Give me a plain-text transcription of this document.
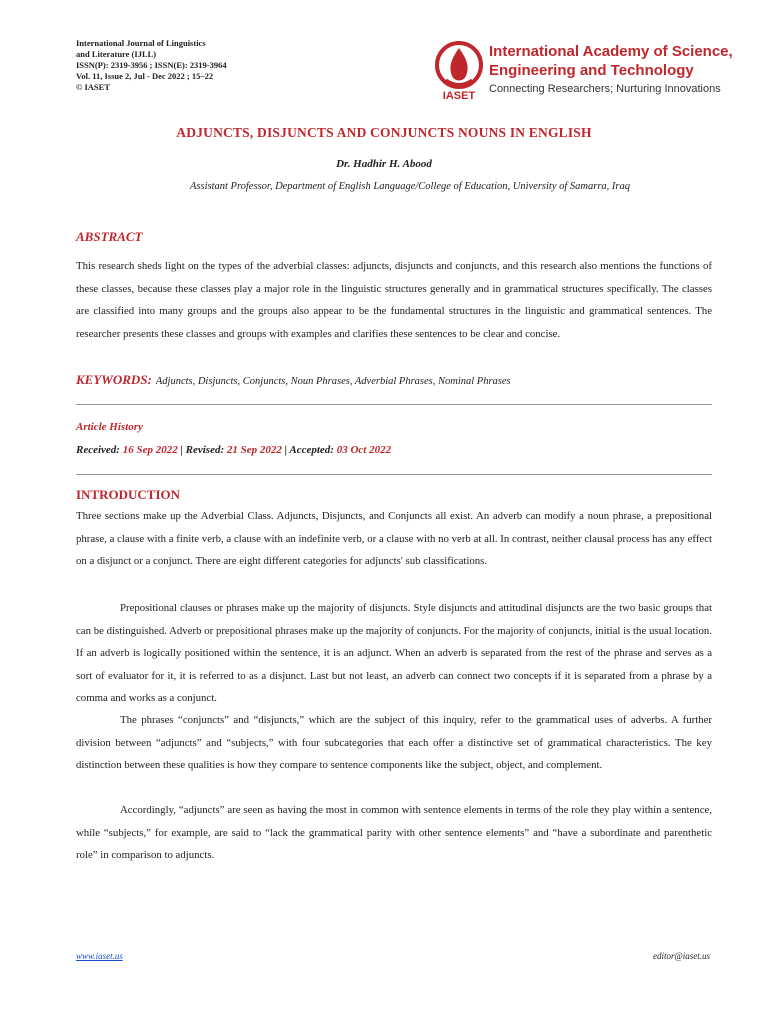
International Journal of Linguistics
and Literature (IJLL)
ISSN(P): 2319-3956 ; ISSN(E): 2319-3964
Vol. 11, Issue 2, Jul - Dec 2022 ; 15–22
© IASET
IASET
International Academy of Science,
Engineering and Technology
Connecting Researchers; Nurturing Innovations
ADJUNCTS, DISJUNCTS AND CONJUNCTS NOUNS IN ENGLISH
Dr. Hadhir H. Abood
Assistant Professor, Department of English Language/College of Education, University of Samarra, Iraq
ABSTRACT
This research sheds light on the types of the adverbial classes: adjuncts, disjuncts and conjuncts, and this research also mentions the functions of these classes, because these classes play a major role in the linguistic structures generally and in grammatical structures specifically. The classes are classified into many groups and the groups also appear to be the fundamental structures in the linguistic and grammatical sentences. The researcher presents these classes and groups with examples and clarifies these sentences to be clear and concise.
KEYWORDS: Adjuncts, Disjuncts, Conjuncts, Noun Phrases, Adverbial Phrases, Nominal Phrases
Article History
Received: 16 Sep 2022 | Revised: 21 Sep 2022 | Accepted: 03 Oct 2022
INTRODUCTION
Three sections make up the Adverbial Class. Adjuncts, Disjuncts, and Conjuncts all exist. An adverb can modify a noun phrase, a prepositional phrase, a clause with a finite verb, a clause with an indefinite verb, or a clause with no verb at all. In contrast, neither clausal process has any effect on a disjunct or a conjunct. There are eight different categories for adjuncts' sub classifications.
Prepositional clauses or phrases make up the majority of disjuncts. Style disjuncts and attitudinal disjuncts are the two basic groups that can be distinguished. Adverb or prepositional phrases make up the majority of conjuncts. For the majority of conjuncts, initial is the usual location. If an adverb is logically positioned within the sentence, it is an adjunct. When an adverb is separated from the rest of the phrase and serves as a sort of evaluator for it, it is referred to as a disjunct. Last but not least, an adverb can connect two concepts if it is separated from a phrase by a comma and works as a conjunct.
The phrases “conjuncts” and “disjuncts,” which are the subject of this inquiry, refer to the grammatical uses of adverbs. A further division between “adjuncts” and “subjects,” with four subcategories that each offer a distinctive set of grammatical characteristics. The key distinction between these qualities is how they compare to sentence components like the subject, object, and complement.
Accordingly, “adjuncts” are seen as having the most in common with sentence elements in terms of the role they play within a sentence, while “subjects,” for example, are said to “lack the grammatical parity with other sentence elements” and “have a subordinate and parenthetic role” in comparison to adjuncts.
www.iaset.us	editor@iaset.us
